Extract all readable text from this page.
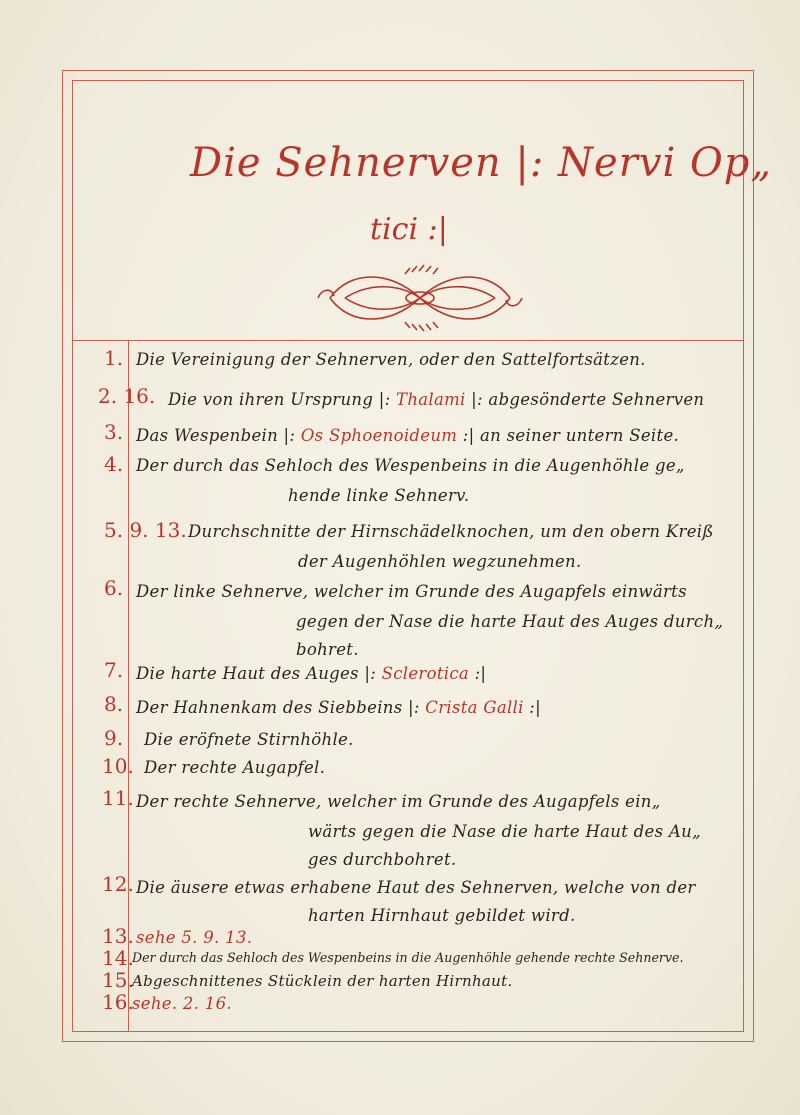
Die Sehnerven |: Nervi Op„
tici :|
1. Die Vereinigung der Sehnerven, oder den Sattelfortsätzen.
2. 16. Die von ihren Ursprung |: Thalami |: abgesönderte Sehnerven
3. Das Wespenbein |: Os Sphoenoideum :| an seiner untern Seite.
4. Der durch das Sehloch des Wespenbeins in die Augenhöhle ge„
hende linke Sehnerv.
5. 9. 13. Durchschnitte der Hirnschädelknochen, um den obern Kreiß
der Augenhöhlen wegzunehmen.
6. Der linke Sehnerve, welcher im Grunde des Augapfels einwärts
gegen der Nase die harte Haut des Auges durch„
bohret.
7. Die harte Haut des Auges |: Sclerotica :|
8. Der Hahnenkam des Siebbeins |: Crista Galli :|
9.	Die eröfnete Stirnhöhle.
10. Der rechte Augapfel.
11. Der rechte Sehnerve, welcher im Grunde des Augapfels ein„
wärts gegen die Nase die harte Haut des Au„
ges durchbohret.
12. Die äusere etwas erhabene Haut des Sehnerven, welche von der
harten Hirnhaut gebildet wird.
13. sehe 5. 9. 13.
14.
Der durch das Sehloch des Wespenbeins in die Augenhöhle gehende rechte Sehnerve.
15.
Abgeschnittenes Stücklein der harten Hirnhaut.
16.
sehe. 2. 16.
